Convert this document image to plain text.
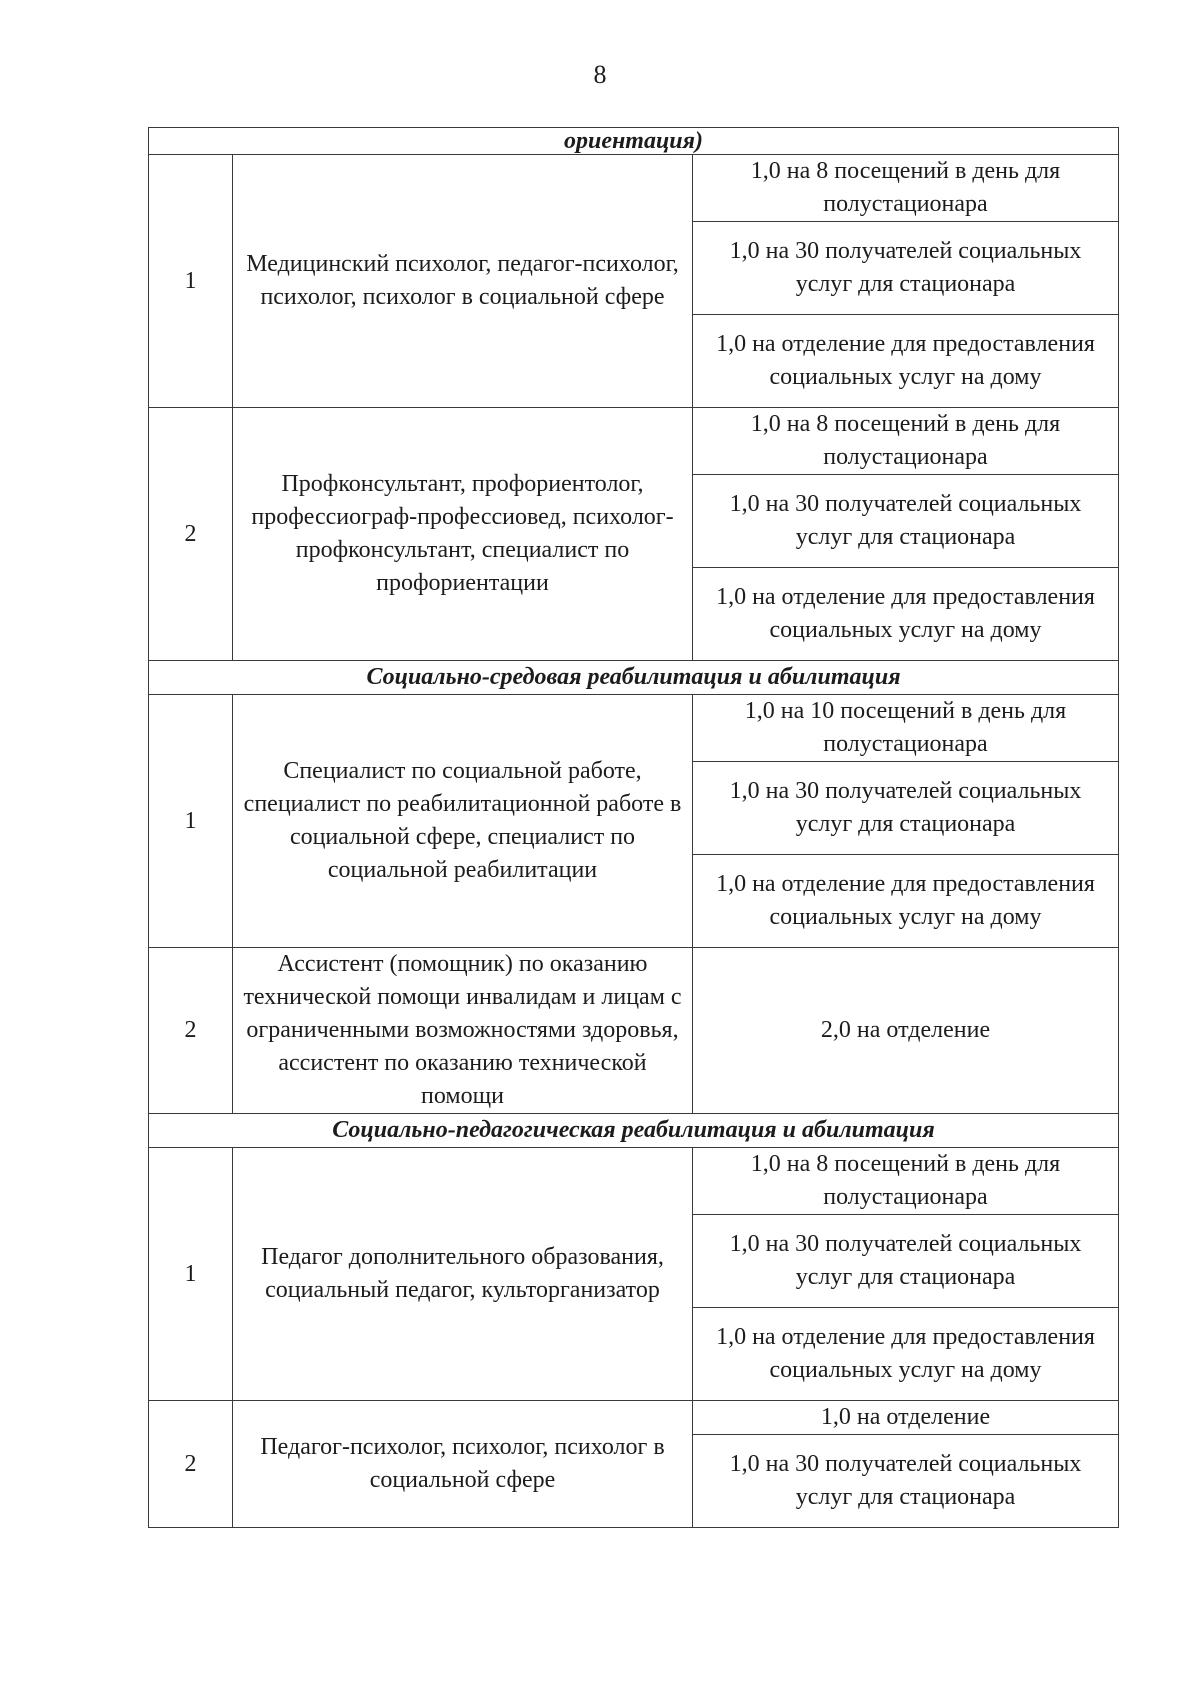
8
ориентация)		
1	Медицинский психолог, педагог-психолог, психолог, психолог в социальной сфере	1,0 на 8 посещений в день для полустационара
		1,0 на 30 получателей социальных услуг для стационара
		1,0 на отделение для предоставления социальных услуг на дому
2	Профконсультант, профориентолог, профессиограф-профессиовед, психолог-профконсультант, специалист по профориентации	1,0 на 8 посещений в день для полустационара
		1,0 на 30 получателей социальных услуг для стационара
		1,0 на отделение для предоставления социальных услуг на дому
Социально-средовая реабилитация и абилитация		
1	Специалист по социальной работе, специалист по реабилитационной работе в социальной сфере, специалист по социальной реабилитации	1,0 на 10 посещений в день для полустационара
		1,0 на 30 получателей социальных услуг для стационара
		1,0 на отделение для предоставления социальных услуг на дому
2	Ассистент (помощник) по оказанию технической помощи инвалидам и лицам с ограниченными возможностями здоровья, ассистент по оказанию технической помощи	2,0 на отделение
Социально-педагогическая реабилитация и абилитация		
1	Педагог дополнительного образования, социальный педагог, культорганизатор	1,0 на 8 посещений в день для полустационара
		1,0 на 30 получателей социальных услуг для стационара
		1,0 на отделение для предоставления социальных услуг на дому
2	Педагог-психолог, психолог, психолог в социальной сфере	1,0 на отделение
		1,0 на 30 получателей социальных услуг для стационара
